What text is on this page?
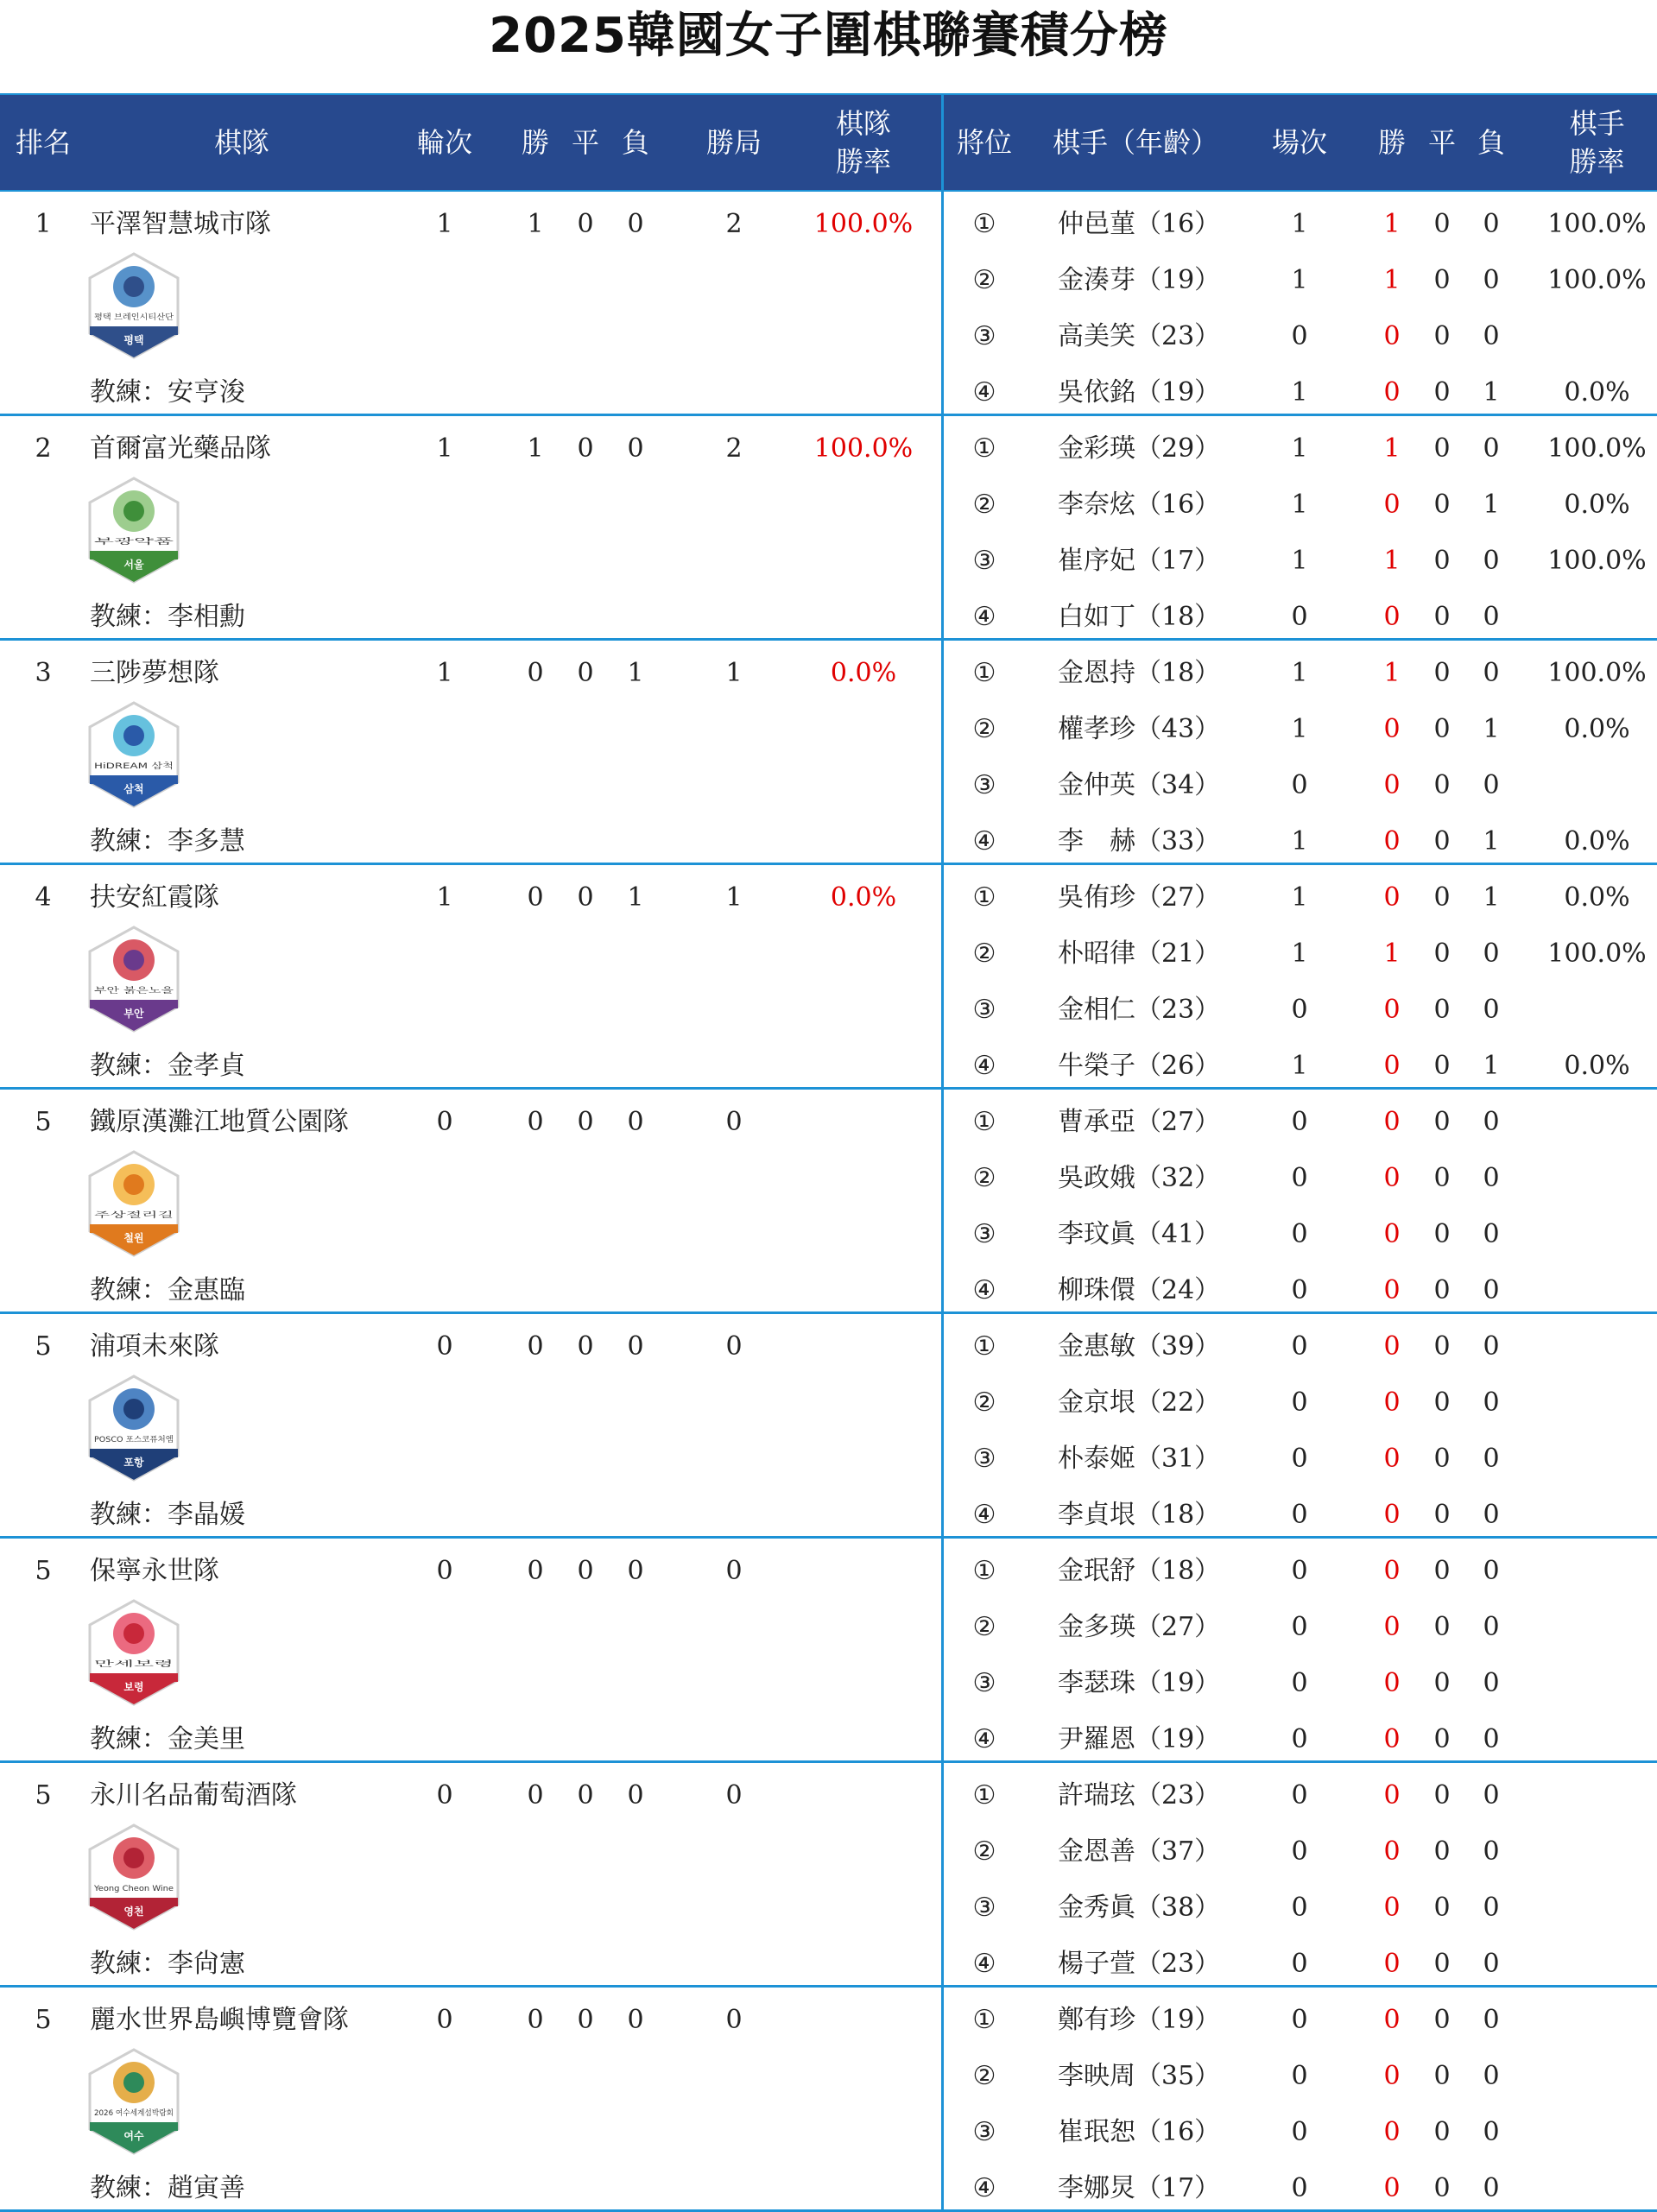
2025韓國女子圍棋聯賽積分榜
排名	棋隊	輪次	勝 平 負	勝局
棋隊
勝率
將位	棋手（年齡）	場次	勝 平 負
棋手
勝率
1	平澤智慧城市隊	1	1	0	0	2	100.0%
教練：安亨浚
평택 브레인시티산단
평택
①	仲邑菫（16）	1	1	0	0	100.0%
②	金湊芽（19）	1	1	0	0	100.0%
③	高美笑（23）	0	0	0	0
④	吳依銘（19）	1	0	0	1	0.0%
2	首爾富光藥品隊	1	1	0	0	2	100.0%
教練：李相勳
부광약품
서울
①	金彩瑛（29）	1	1	0	0	100.0%
②	李奈炫（16）	1	0	0	1	0.0%
③	崔序妃（17）	1	1	0	0	100.0%
④	白如丁（18）	0	0	0	0
3	三陟夢想隊	1	0	0	1	1	0.0%
教練：李多慧
HiDREAM 삼척
삼척
①	金恩持（18）	1	1	0	0	100.0%
②	權孝珍（43）	1	0	0	1	0.0%
③	金仲英（34）	0	0	0	0
④	李　赫（33）	1	0	0	1	0.0%
4	扶安紅霞隊	1	0	0	1	1	0.0%
教練：金孝貞
부안 붉은노을
부안
①	吳侑珍（27）	1	0	0	1	0.0%
②	朴昭律（21）	1	1	0	0	100.0%
③	金相仁（23）	0	0	0	0
④	牛榮子（26）	1	0	0	1	0.0%
5	鐵原漢灘江地質公園隊	0	0	0	0	0
教練：金惠臨
주상절리길
철원
①	曹承亞（27）	0	0	0	0
②	吳政娥（32）	0	0	0	0
③	李玟眞（41）	0	0	0	0
④	柳珠儇（24）	0	0	0	0
5	浦項未來隊	0	0	0	0	0
教練：李晶媛
POSCO 포스코퓨처엠
포항
①	金惠敏（39）	0	0	0	0
②	金京垠（22）	0	0	0	0
③	朴泰姬（31）	0	0	0	0
④	李貞垠（18）	0	0	0	0
5	保寧永世隊	0	0	0	0	0
教練：金美里
만세보령
보령
①	金珉舒（18）	0	0	0	0
②	金多瑛（27）	0	0	0	0
③	李瑟珠（19）	0	0	0	0
④	尹羅恩（19）	0	0	0	0
5	永川名品葡萄酒隊	0	0	0	0	0
教練：李尙憲
Yeong Cheon Wine
영천
①	許瑞玹（23）	0	0	0	0
②	金恩善（37）	0	0	0	0
③	金秀眞（38）	0	0	0	0
④	楊子萱（23）	0	0	0	0
5	麗水世界島嶼博覽會隊	0	0	0	0	0
教練：趙寅善
2026 여수세계섬박람회
여수
①	鄭有珍（19）	0	0	0	0
②	李映周（35）	0	0	0	0
③	崔珉恕（16）	0	0	0	0
④	李娜炅（17）	0	0	0	0
